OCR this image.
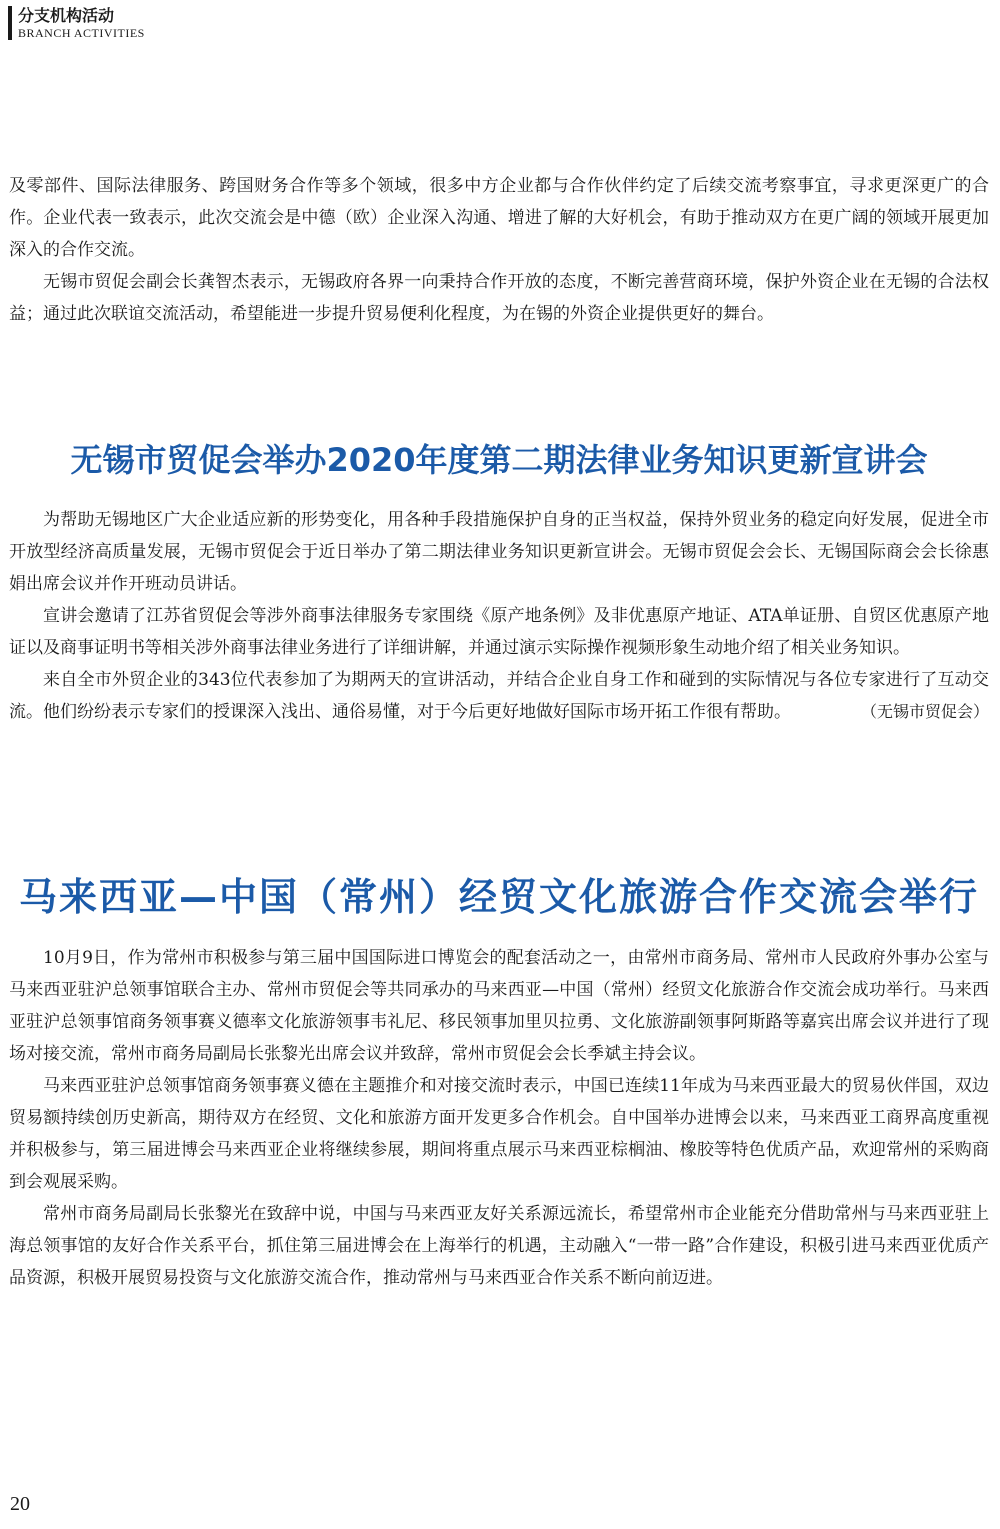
分支机构活动
BRANCH ACTIVITIES

及零部件、国际法律服务、跨国财务合作等多个领域，很多中方企业都与合作伙伴约定了后续交流考察事宜，寻求更深更广的合作。企业代表一致表示，此次交流会是中德（欧）企业深入沟通、增进了解的大好机会，有助于推动双方在更广阔的领域开展更加深入的合作交流。

无锡市贸促会副会长龚智杰表示，无锡政府各界一向秉持合作开放的态度，不断完善营商环境，保护外资企业在无锡的合法权益；通过此次联谊交流活动，希望能进一步提升贸易便利化程度，为在锡的外资企业提供更好的舞台。

无锡市贸促会举办2020年度第二期法律业务知识更新宣讲会

为帮助无锡地区广大企业适应新的形势变化，用各种手段措施保护自身的正当权益，保持外贸业务的稳定向好发展，促进全市开放型经济高质量发展，无锡市贸促会于近日举办了第二期法律业务知识更新宣讲会。无锡市贸促会会长、无锡国际商会会长徐惠娟出席会议并作开班动员讲话。

宣讲会邀请了江苏省贸促会等涉外商事法律服务专家围绕《原产地条例》及非优惠原产地证、ATA单证册、自贸区优惠原产地证以及商事证明书等相关涉外商事法律业务进行了详细讲解，并通过演示实际操作视频形象生动地介绍了相关业务知识。

来自全市外贸企业的343位代表参加了为期两天的宣讲活动，并结合企业自身工作和碰到的实际情况与各位专家进行了互动交流。他们纷纷表示专家们的授课深入浅出、通俗易懂，对于今后更好地做好国际市场开拓工作很有帮助。	（无锡市贸促会）
马来西亚—中国（常州）经贸文化旅游合作交流会举行

10月9日，作为常州市积极参与第三届中国国际进口博览会的配套活动之一，由常州市商务局、常州市人民政府外事办公室与马来西亚驻沪总领事馆联合主办、常州市贸促会等共同承办的马来西亚—中国（常州）经贸文化旅游合作交流会成功举行。马来西亚驻沪总领事馆商务领事赛义德率文化旅游领事韦礼尼、移民领事加里贝拉勇、文化旅游副领事阿斯路等嘉宾出席会议并进行了现场对接交流，常州市商务局副局长张黎光出席会议并致辞，常州市贸促会会长季斌主持会议。

马来西亚驻沪总领事馆商务领事赛义德在主题推介和对接交流时表示，中国已连续11年成为马来西亚最大的贸易伙伴国，双边贸易额持续创历史新高，期待双方在经贸、文化和旅游方面开发更多合作机会。自中国举办进博会以来，马来西亚工商界高度重视并积极参与，第三届进博会马来西亚企业将继续参展，期间将重点展示马来西亚棕榈油、橡胶等特色优质产品，欢迎常州的采购商到会观展采购。

常州市商务局副局长张黎光在致辞中说，中国与马来西亚友好关系源远流长，希望常州市企业能充分借助常州与马来西亚驻上海总领事馆的友好合作关系平台，抓住第三届进博会在上海举行的机遇，主动融入“一带一路”合作建设，积极引进马来西亚优质产品资源，积极开展贸易投资与文化旅游交流合作，推动常州与马来西亚合作关系不断向前迈进。

20
